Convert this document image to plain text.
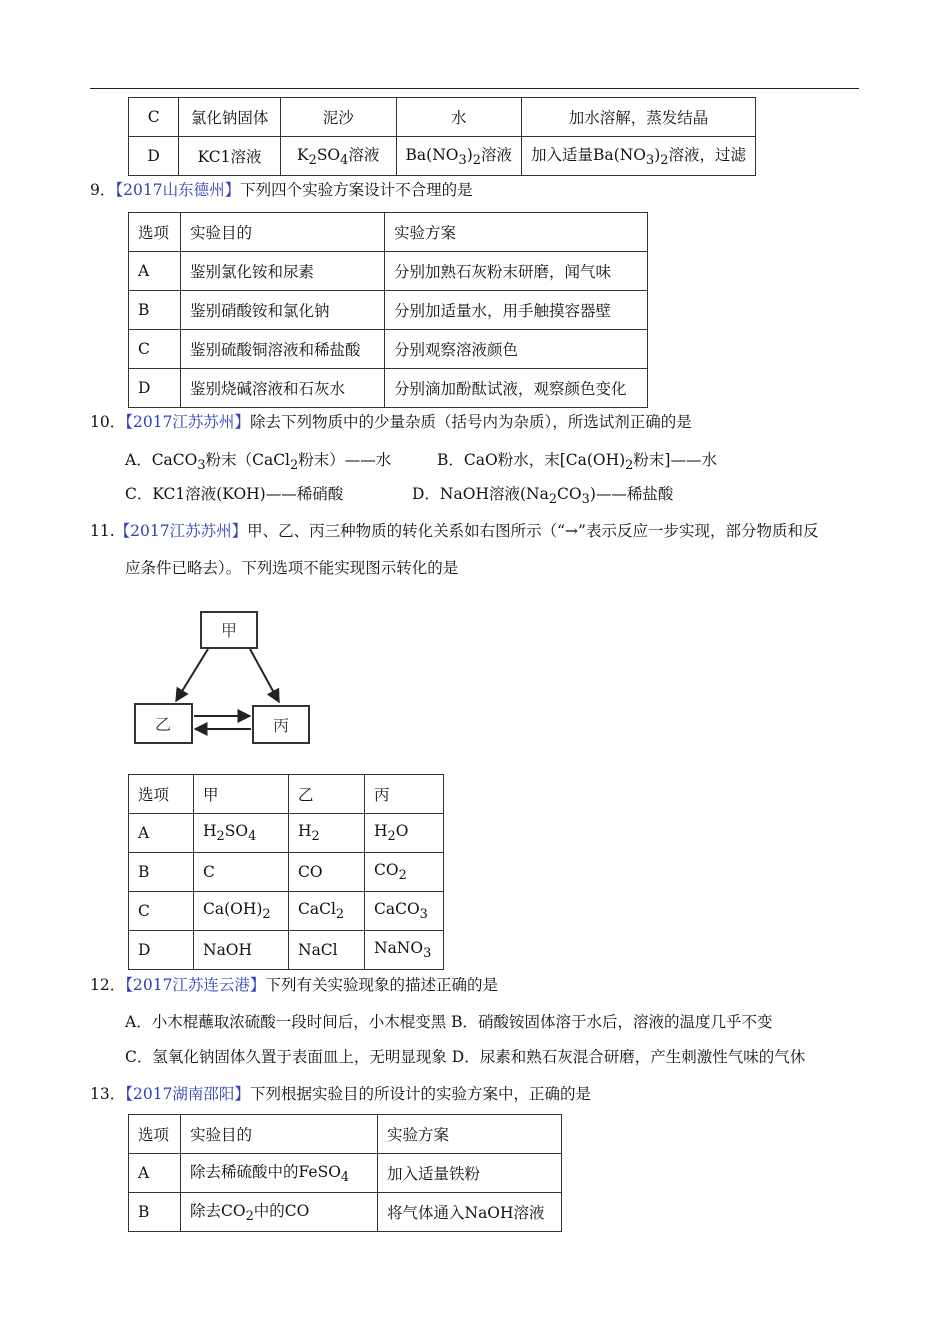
C	氯化钠固体	泥沙	水	加水溶解，蒸发结晶
D	KC1溶液	$K_2SO_4$溶液	$Ba(NO_3)_2$溶液	加入适量$Ba(NO_3)_2$溶液，过滤
9．【2017山东德州】下列四个实验方案设计不合理的是
选项	实验目的	实验方案
A	鉴别氯化铵和尿素	分别加熟石灰粉末研磨，闻气味
B	鉴别硝酸铵和氯化钠	分别加适量水，用手触摸容器壁
C	鉴别硫酸铜溶液和稀盐酸	分别观察溶液颜色
D	鉴别烧碱溶液和石灰水	分别滴加酚酞试液，观察颜色变化
10．【2017江苏苏州】除去下列物质中的少量杂质（括号内为杂质），所选试剂正确的是
A．CaCO$_3$粉末（CaCl$_2$粉末）——水	B．CaO粉水，末[$Ca(OH)_2$粉末]——水
C．KC1溶液(KOH)——稀硝酸	D．NaOH溶液$(Na_2CO_3)——$稀盐酸
11.【2017江苏苏州】甲、乙、丙三种物质的转化关系如右图所示（“→”表示反应一步实现，部分物质和反
应条件已略去）。下列选项不能实现图示转化的是
甲
乙	丙
选项	甲	乙	丙
A	$H_2SO_4$	$H_2$	$H_2O$
B	C	CO	$CO_2$
C	$Ca(OH)_2$	CaCl$_2$	CaCO$_3$
D	NaOH	NaCl	NaNO$_3$
12．【2017江苏连云港】下列有关实验现象的描述正确的是
A．小木棍蘸取浓硫酸一段时间后，小木棍变黑 B．硝酸铵固体溶于水后，溶液的温度几乎不变
C．氢氧化钠固体久置于表面皿上，无明显现象 D．尿素和熟石灰混合研磨，产生刺激性气味的气休
13．【2017湖南邵阳】下列根据实验目的所设计的实验方案中，正确的是
选项	实验目的	实验方案
A	除去稀硫酸中的FeSO$_4$	加入适量铁粉
B	除去$CO_2$中的CO	将气体通入NaOH溶液
